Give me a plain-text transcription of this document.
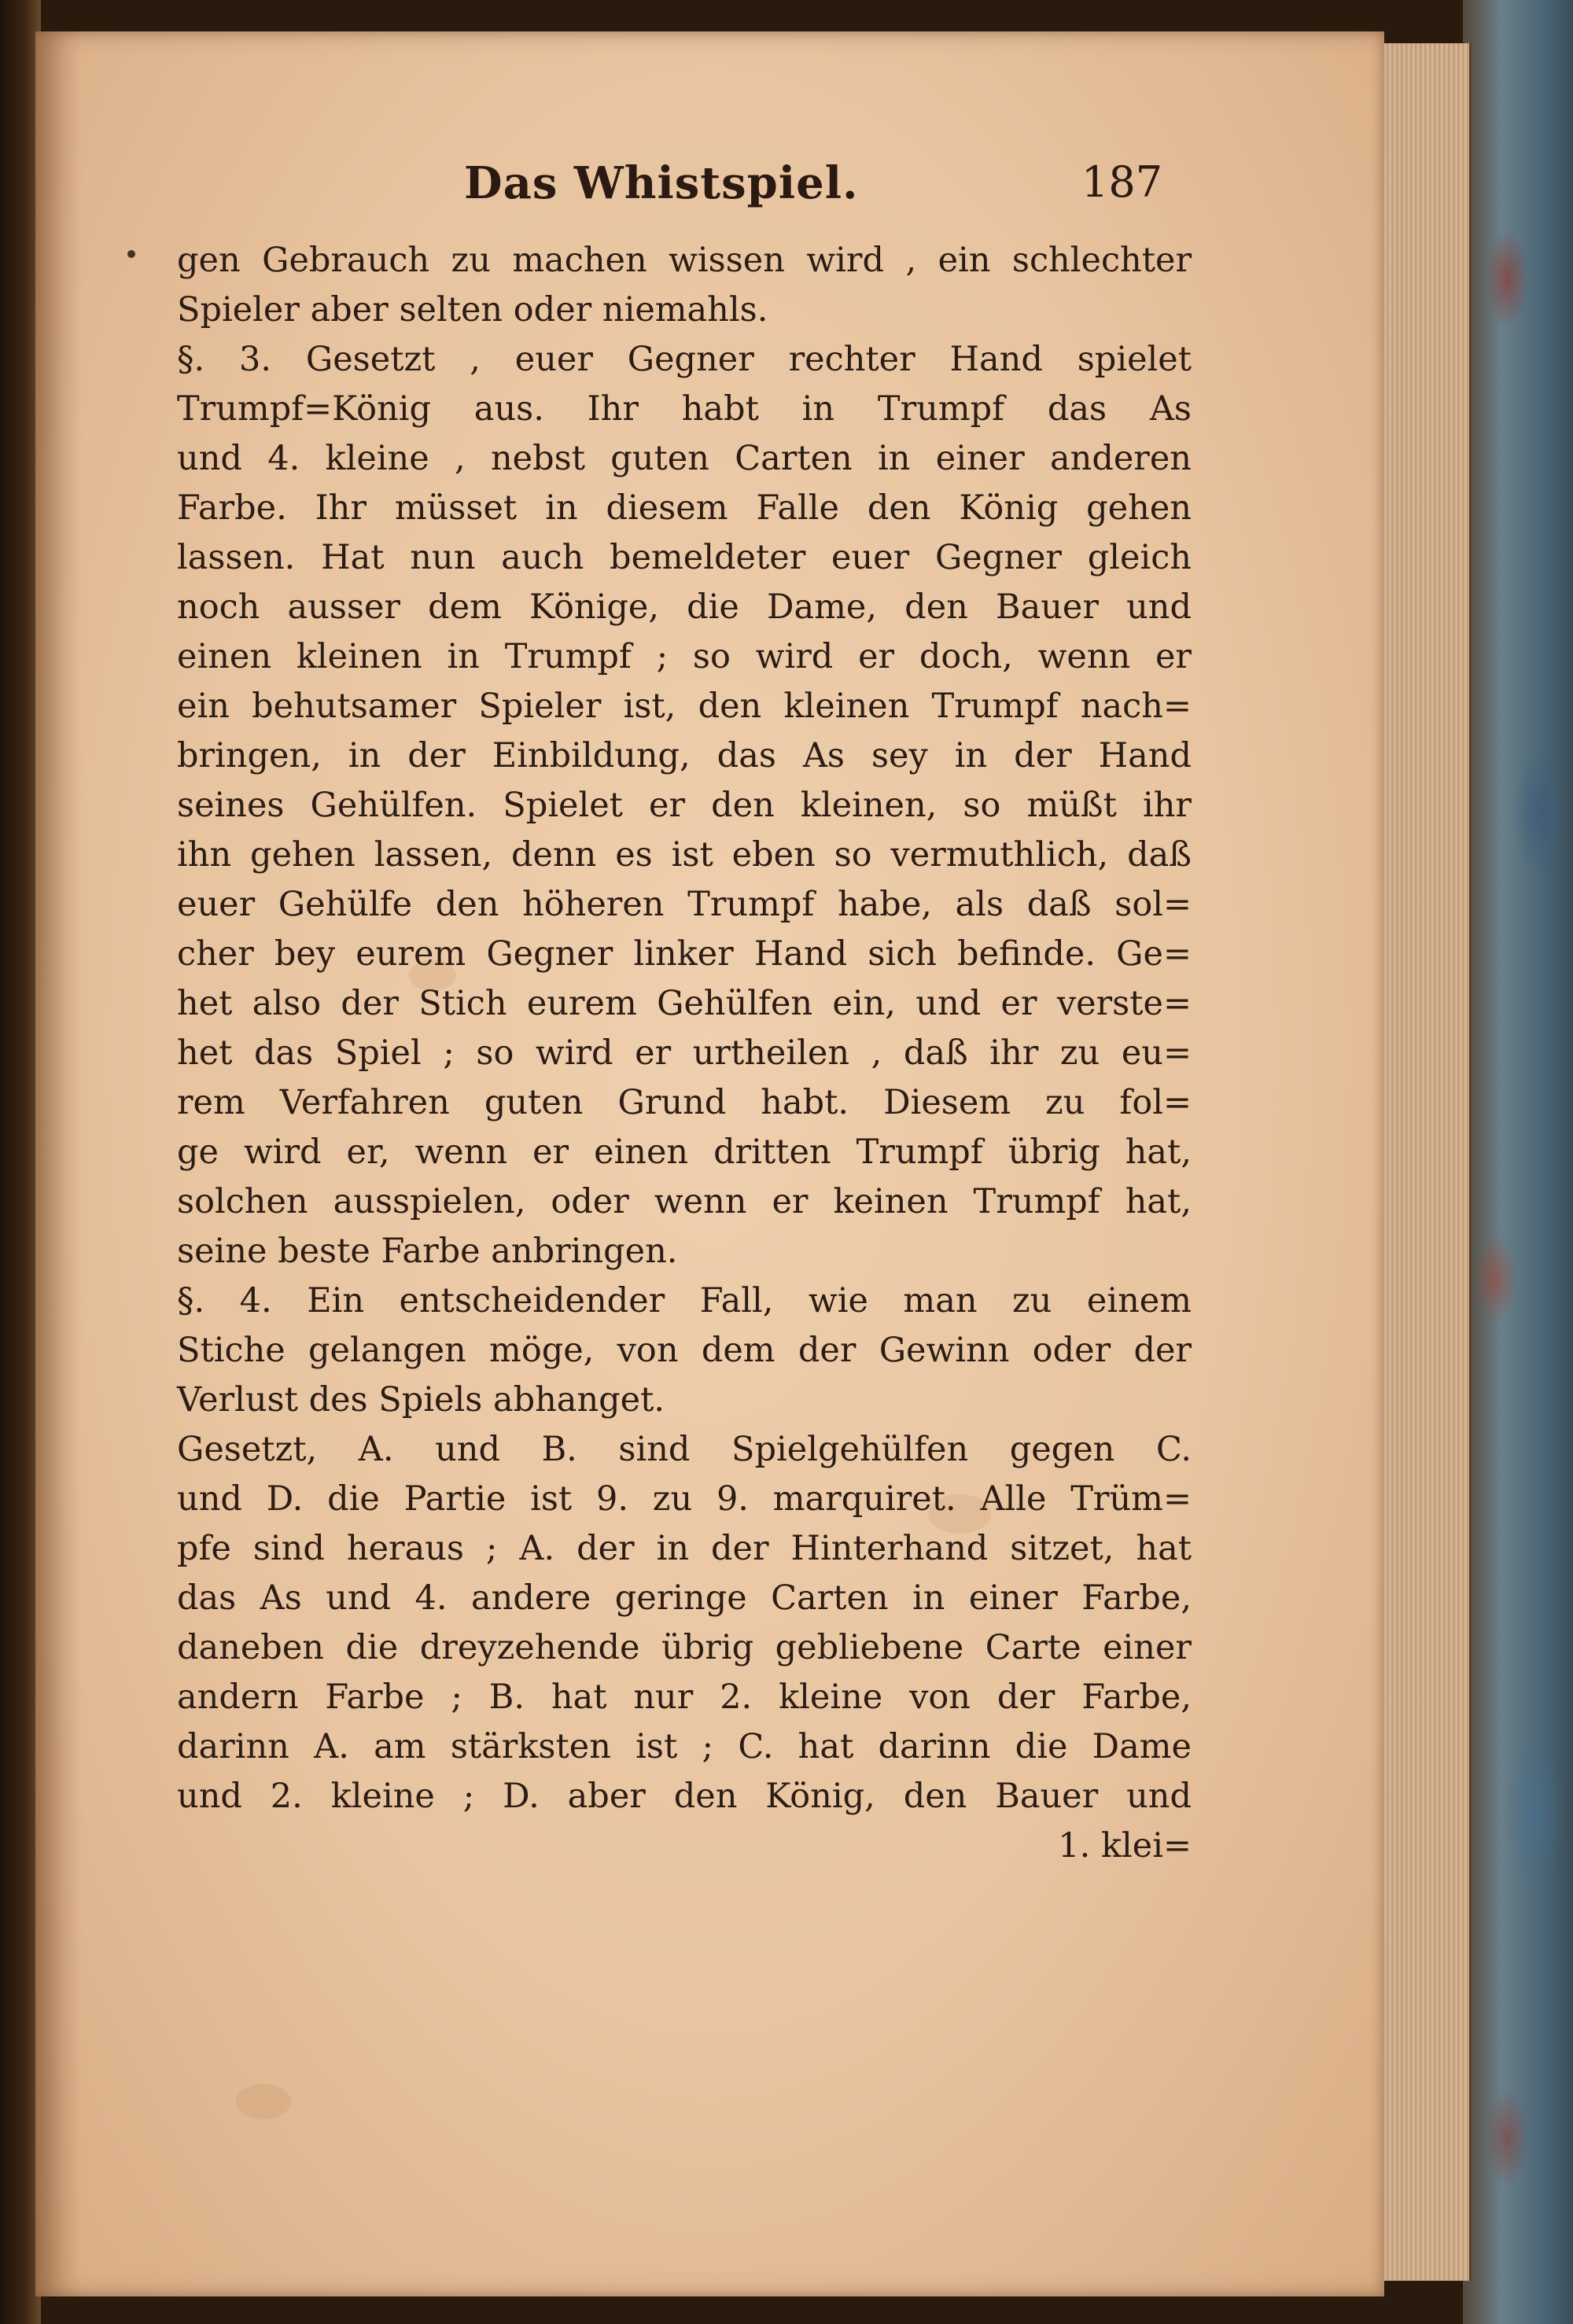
Das Whistspiel.	187
gen Gebrauch zu machen wissen wird , ein schlechter
Spieler aber selten oder niemahls.
§. 3. Gesetzt , euer Gegner rechter Hand spielet
Trumpf=König aus. Ihr habt in Trumpf das As
und 4. kleine , nebst guten Carten in einer anderen
Farbe. Ihr müsset in diesem Falle den König gehen
lassen. Hat nun auch bemeldeter euer Gegner gleich
noch ausser dem Könige, die Dame, den Bauer und
einen kleinen in Trumpf ; so wird er doch, wenn er
ein behutsamer Spieler ist, den kleinen Trumpf nach=
bringen, in der Einbildung, das As sey in der Hand
seines Gehülfen. Spielet er den kleinen, so müßt ihr
ihn gehen lassen, denn es ist eben so vermuthlich, daß
euer Gehülfe den höheren Trumpf habe, als daß sol=
cher bey eurem Gegner linker Hand sich befinde. Ge=
het also der Stich eurem Gehülfen ein, und er verste=
het das Spiel ; so wird er urtheilen , daß ihr zu eu=
rem Verfahren guten Grund habt. Diesem zu fol=
ge wird er, wenn er einen dritten Trumpf übrig hat,
solchen ausspielen, oder wenn er keinen Trumpf hat,
seine beste Farbe anbringen.
§. 4. Ein entscheidender Fall, wie man zu einem
Stiche gelangen möge, von dem der Gewinn oder der
Verlust des Spiels abhanget.
Gesetzt, A. und B. sind Spielgehülfen gegen C.
und D. die Partie ist 9. zu 9. marquiret. Alle Trüm=
pfe sind heraus ; A. der in der Hinterhand sitzet, hat
das As und 4. andere geringe Carten in einer Farbe,
daneben die dreyzehende übrig gebliebene Carte einer
andern Farbe ; B. hat nur 2. kleine von der Farbe,
darinn A. am stärksten ist ; C. hat darinn die Dame
und 2. kleine ; D. aber den König, den Bauer und
1. klei=
